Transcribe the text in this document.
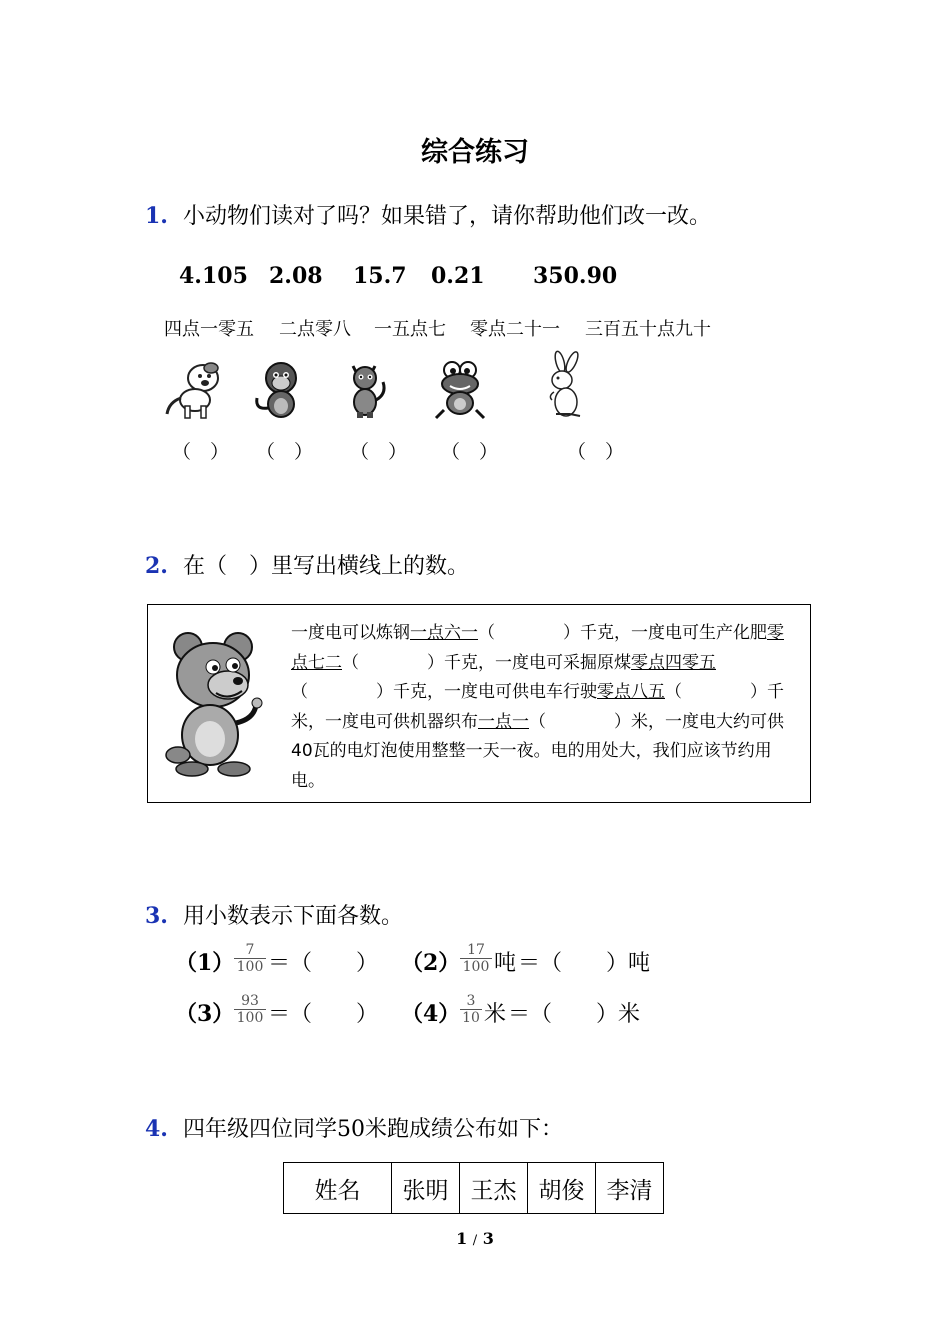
综合练习
1. 小动物们读对了吗？如果错了，请你帮助他们改一改。
4.105 2.08 15.7 0.21 350.90
四点一零五 二点零八 一五点七 零点二十一 三百五十点九十
（　） （　） （　） （　）	（　）
2. 在（　）里写出横线上的数。
一度电可以炼钢一点六一（　　　　）千克，一度电可生产化肥零点七二（　　　　）千克，一度电可采掘原煤零点四零五（　　　　）千克，一度电可供电车行驶零点八五（　　　　）千米，一度电可供机器织布一点一（　　　　）米，一度电大约可供40瓦的电灯泡使用整整一天一夜。电的用处大，我们应该节约用电。
3. 用小数表示下面各数。
$(1) \frac{7}{100}$ ＝（　　） $(2) \frac{17}{100}$ 吨 ＝（　　）吨
$(3) \frac{93}{100}$ ＝（　　） $(4) \frac{3}{10}$ 米 ＝（　　）米
4. 四年级四位同学50米跑成绩公布如下：
姓名	张明	王杰	胡俊	李清
1 / 3
